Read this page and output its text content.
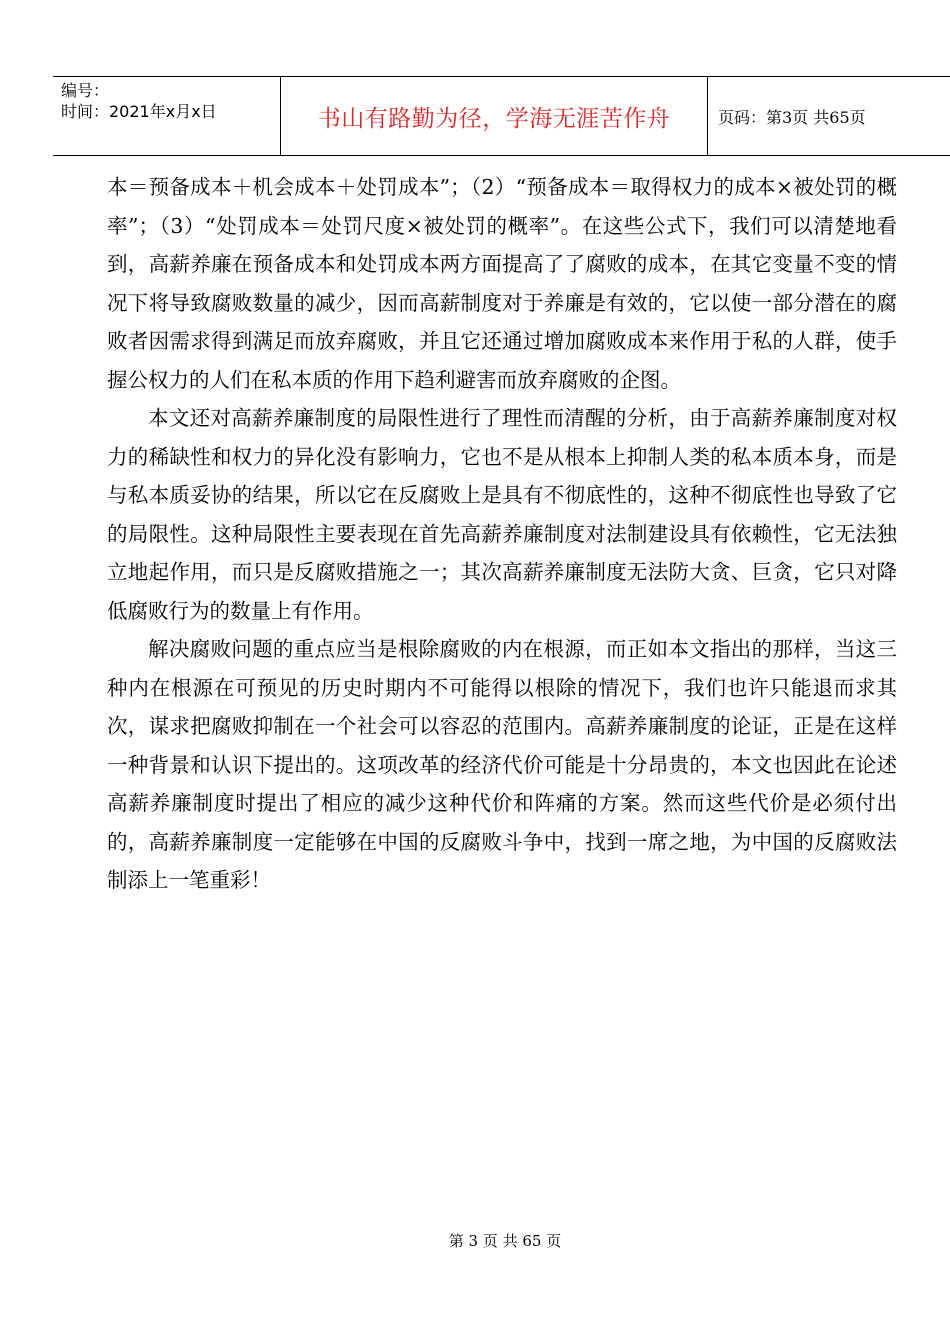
编号：
时间：2021年x月x日	书山有路勤为径，学海无涯苦作舟	页码：第3页 共65页

本＝预备成本＋机会成本＋处罚成本”；（2）“预备成本＝取得权力的成本×被处罚的概率”；（3）“处罚成本＝处罚尺度×被处罚的概率”。在这些公式下，我们可以清楚地看到，高薪养廉在预备成本和处罚成本两方面提高了了腐败的成本，在其它变量不变的情况下将导致腐败数量的减少，因而高薪制度对于养廉是有效的，它以使一部分潜在的腐败者因需求得到满足而放弃腐败，并且它还通过增加腐败成本来作用于私的人群，使手握公权力的人们在私本质的作用下趋利避害而放弃腐败的企图。

本文还对高薪养廉制度的局限性进行了理性而清醒的分析，由于高薪养廉制度对权力的稀缺性和权力的异化没有影响力，它也不是从根本上抑制人类的私本质本身，而是与私本质妥协的结果，所以它在反腐败上是具有不彻底性的，这种不彻底性也导致了它的局限性。这种局限性主要表现在首先高薪养廉制度对法制建设具有依赖性，它无法独立地起作用，而只是反腐败措施之一；其次高薪养廉制度无法防大贪、巨贪，它只对降低腐败行为的数量上有作用。

解决腐败问题的重点应当是根除腐败的内在根源，而正如本文指出的那样，当这三种内在根源在可预见的历史时期内不可能得以根除的情况下，我们也许只能退而求其次，谋求把腐败抑制在一个社会可以容忍的范围内。高薪养廉制度的论证，正是在这样一种背景和认识下提出的。这项改革的经济代价可能是十分昂贵的，本文也因此在论述高薪养廉制度时提出了相应的减少这种代价和阵痛的方案。然而这些代价是必须付出的，高薪养廉制度一定能够在中国的反腐败斗争中，找到一席之地，为中国的反腐败法制添上一笔重彩！

第 3 页 共 65 页
